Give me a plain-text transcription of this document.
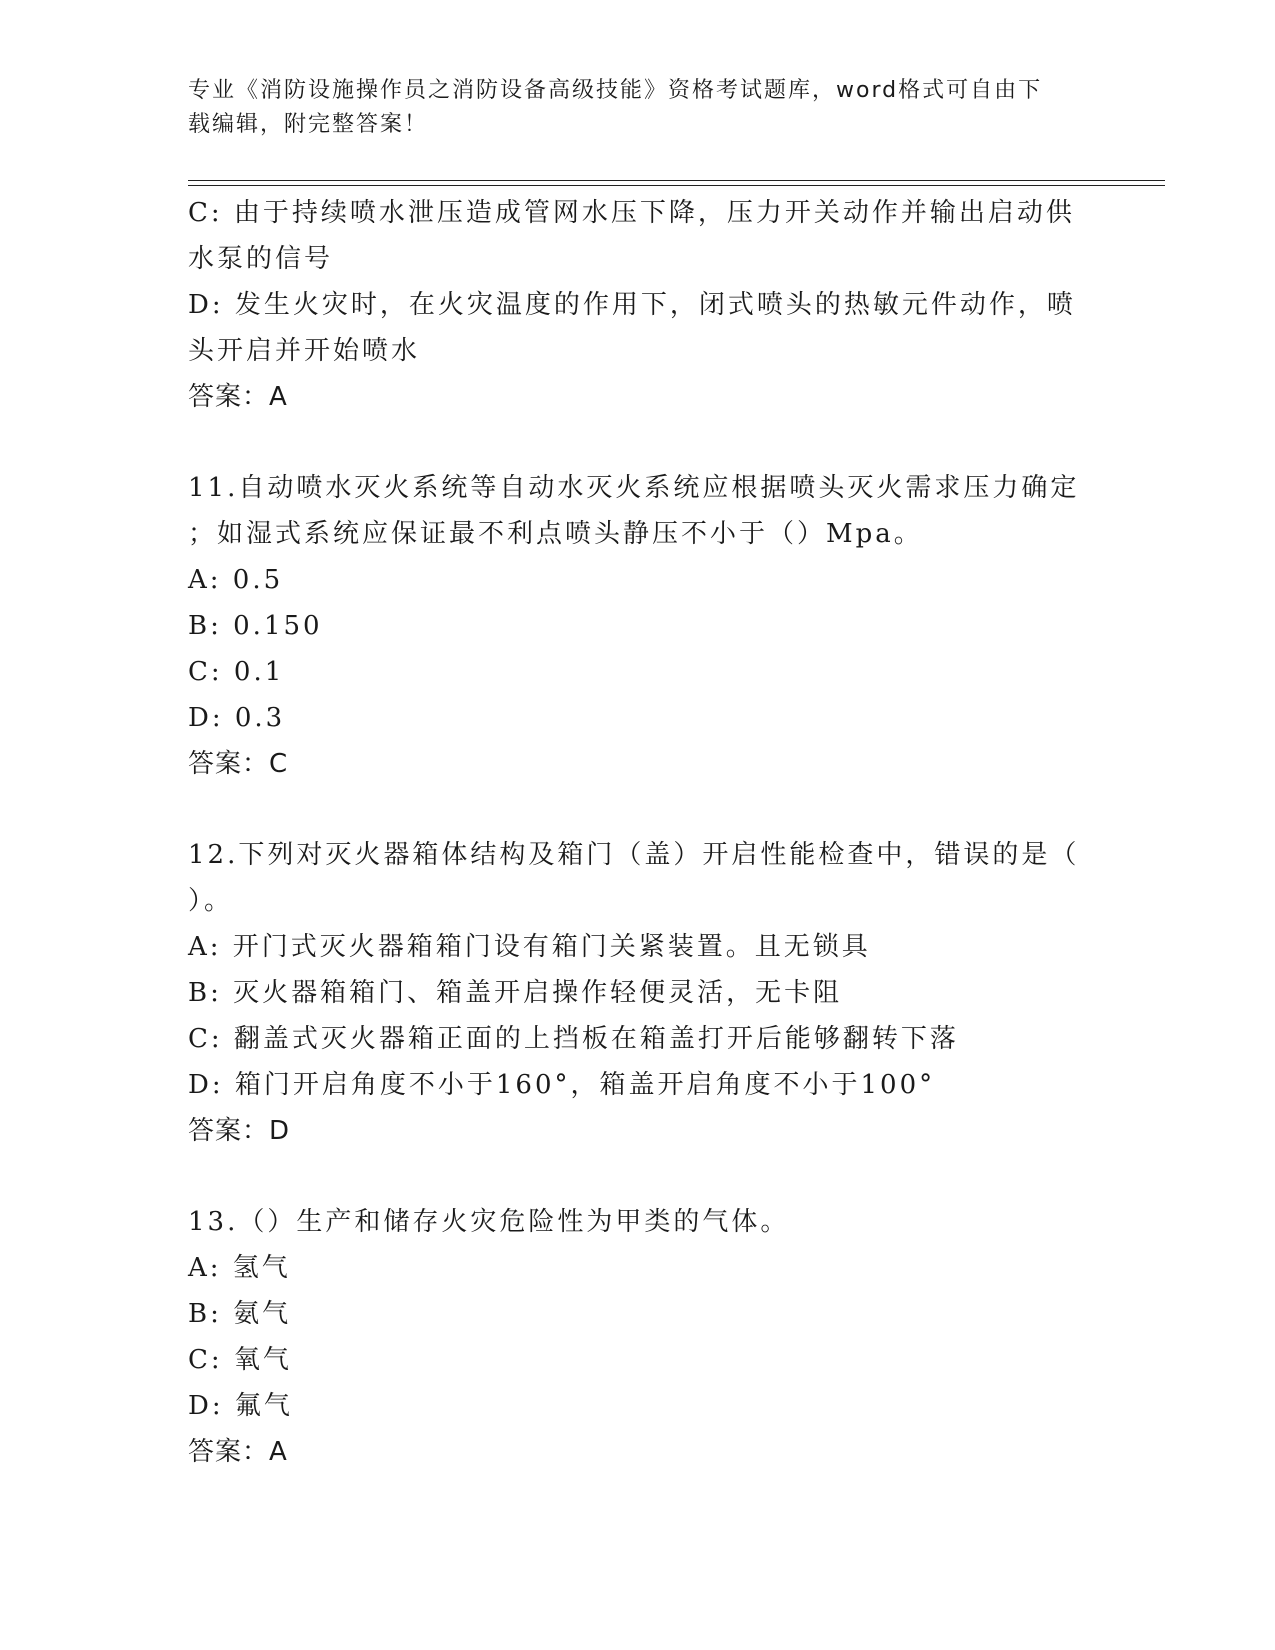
专业《消防设施操作员之消防设备高级技能》资格考试题库，word格式可自由下
载编辑，附完整答案！
C: 由于持续喷水泄压造成管网水压下降，压力开关动作并输出启动供
水泵的信号
D: 发生火灾时，在火灾温度的作用下，闭式喷头的热敏元件动作，喷
头开启并开始喷水
答案：A
11.自动喷水灭火系统等自动水灭火系统应根据喷头灭火需求压力确定
；如湿式系统应保证最不利点喷头静压不小于（）Mpa。
A: 0.5
B: 0.150
C: 0.1
D: 0.3
答案：C
12.下列对灭火器箱体结构及箱门（盖）开启性能检查中，错误的是（
）。
A: 开门式灭火器箱箱门设有箱门关紧装置。且无锁具
B: 灭火器箱箱门、箱盖开启操作轻便灵活，无卡阻
C: 翻盖式灭火器箱正面的上挡板在箱盖打开后能够翻转下落
D: 箱门开启角度不小于160°，箱盖开启角度不小于100°
答案：D
13.（）生产和储存火灾危险性为甲类的气体。
A: 氢气
B: 氨气
C: 氧气
D: 氟气
答案：A
